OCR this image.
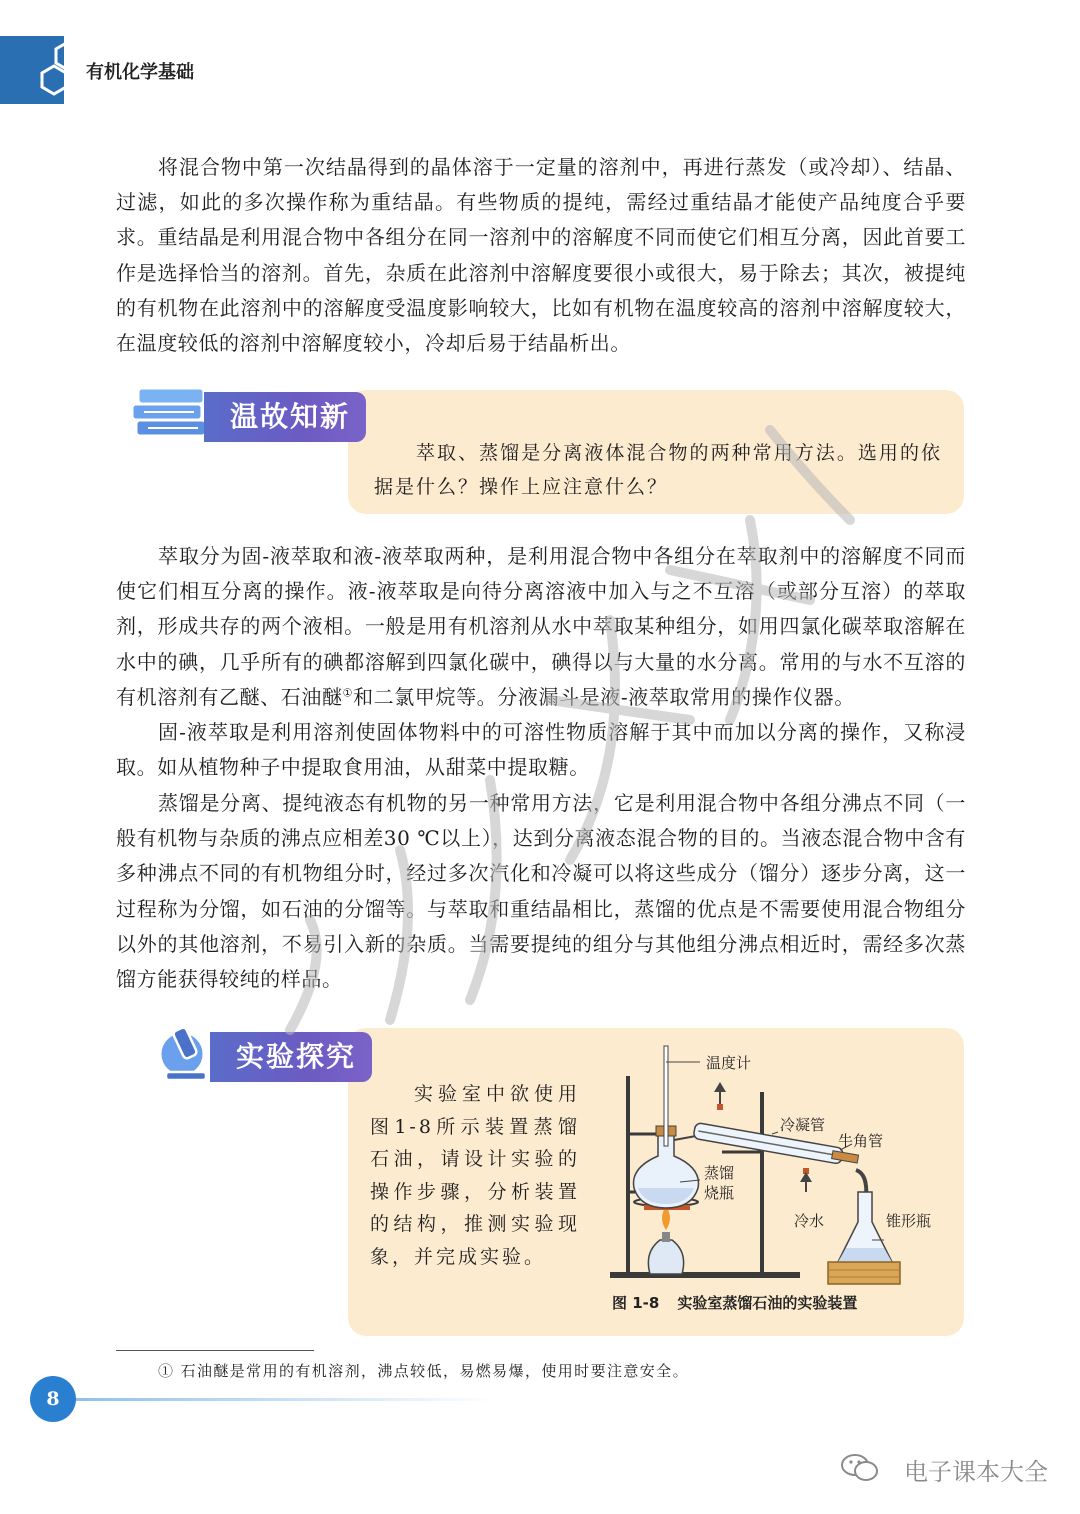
有机化学基础

将混合物中第一次结晶得到的晶体溶于一定量的溶剂中，再进行蒸发（或冷却）、结晶、过滤，如此的多次操作称为重结晶。有些物质的提纯，需经过重结晶才能使产品纯度合乎要求。重结晶是利用混合物中各组分在同一溶剂中的溶解度不同而使它们相互分离，因此首要工作是选择恰当的溶剂。首先，杂质在此溶剂中溶解度要很小或很大，易于除去；其次，被提纯的有机物在此溶剂中的溶解度受温度影响较大，比如有机物在温度较高的溶剂中溶解度较大，在温度较低的溶剂中溶解度较小，冷却后易于结晶析出。

温故知新

萃取、蒸馏是分离液体混合物的两种常用方法。选用的依据是什么？操作上应注意什么？

萃取分为固-液萃取和液-液萃取两种，是利用混合物中各组分在萃取剂中的溶解度不同而使它们相互分离的操作。液-液萃取是向待分离溶液中加入与之不互溶（或部分互溶）的萃取剂，形成共存的两个液相。一般是用有机溶剂从水中萃取某种组分，如用四氯化碳萃取溶解在水中的碘，几乎所有的碘都溶解到四氯化碳中，碘得以与大量的水分离。常用的与水不互溶的有机溶剂有乙醚、石油醚①和二氯甲烷等。分液漏斗是液-液萃取常用的操作仪器。

固-液萃取是利用溶剂使固体物料中的可溶性物质溶解于其中而加以分离的操作，又称浸取。如从植物种子中提取食用油，从甜菜中提取糖。

蒸馏是分离、提纯液态有机物的另一种常用方法，它是利用混合物中各组分沸点不同（一般有机物与杂质的沸点应相差30 ℃以上），达到分离液态混合物的目的。当液态混合物中含有多种沸点不同的有机物组分时，经过多次汽化和冷凝可以将这些成分（馏分）逐步分离，这一过程称为分馏，如石油的分馏等。与萃取和重结晶相比，蒸馏的优点是不需要使用混合物组分以外的其他溶剂，不易引入新的杂质。当需要提纯的组分与其他组分沸点相近时，需经多次蒸馏方能获得较纯的样品。

实验探究

实验室中欲使用图1-8所示装置蒸馏石油，请设计实验的操作步骤，分析装置的结构，推测实验现象，并完成实验。

温度计
冷凝管
牛角管
蒸馏
烧瓶
冷水	锥形瓶
图 1-8 实验室蒸馏石油的实验装置
① 石油醚是常用的有机溶剂，沸点较低，易燃易爆，使用时要注意安全。
8
电子课本大全
